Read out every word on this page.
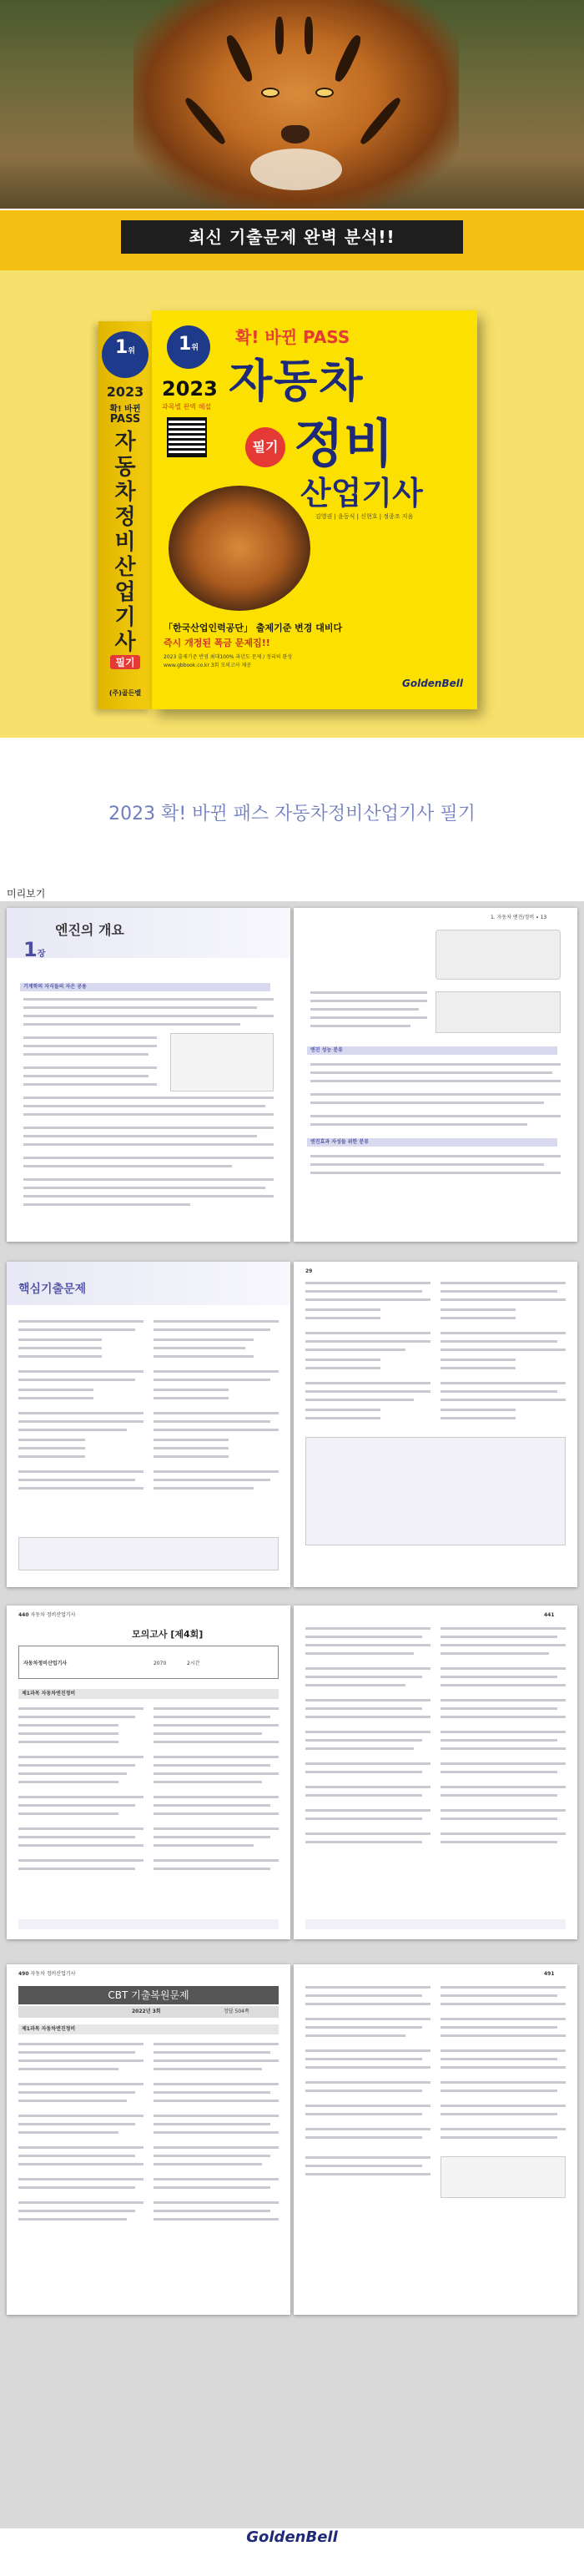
최신 기출문제 완벽 분석!!
1위
2023
확! 바뀐
PASS
자동차정비산업기사
필기
(주)골든벨
1위
2023
과목별 완벽 해설
확! 바뀐 PASS
자동차
정비
필기
산업기사
김영권 | 윤동식 | 신현호 | 정종조 지음
「한국산업인력공단」 출제기준 변경 대비다
즉시 개정된 폭금 문제집!!
2023 출제기준 반영 최대100% 과년도 문제 / 정리의 완성
www.gbbook.co.kr 3회 모의고사 제공
GoldenBell
2023 확! 바뀐 패스 자동차정비산업기사 필기
미리보기
엔진의 개요
1장
기계학의 자식들의 자은 공용
1. 자동차 엔진/정비 ∙ 13
엔진 성능 분류
엔진효과 자성들 위한 분류
핵심기출문제
29
440 자동차 정비산업기사
모의고사 [제4회]
자동차정비산업기사	2070	2시간
제1과목 자동차엔진정비
441
490 자동차 정비산업기사
CBT 기출복원문제
2022년 3회	정답 504쪽
제1과목 자동차엔진정비
491
GoldenBell
